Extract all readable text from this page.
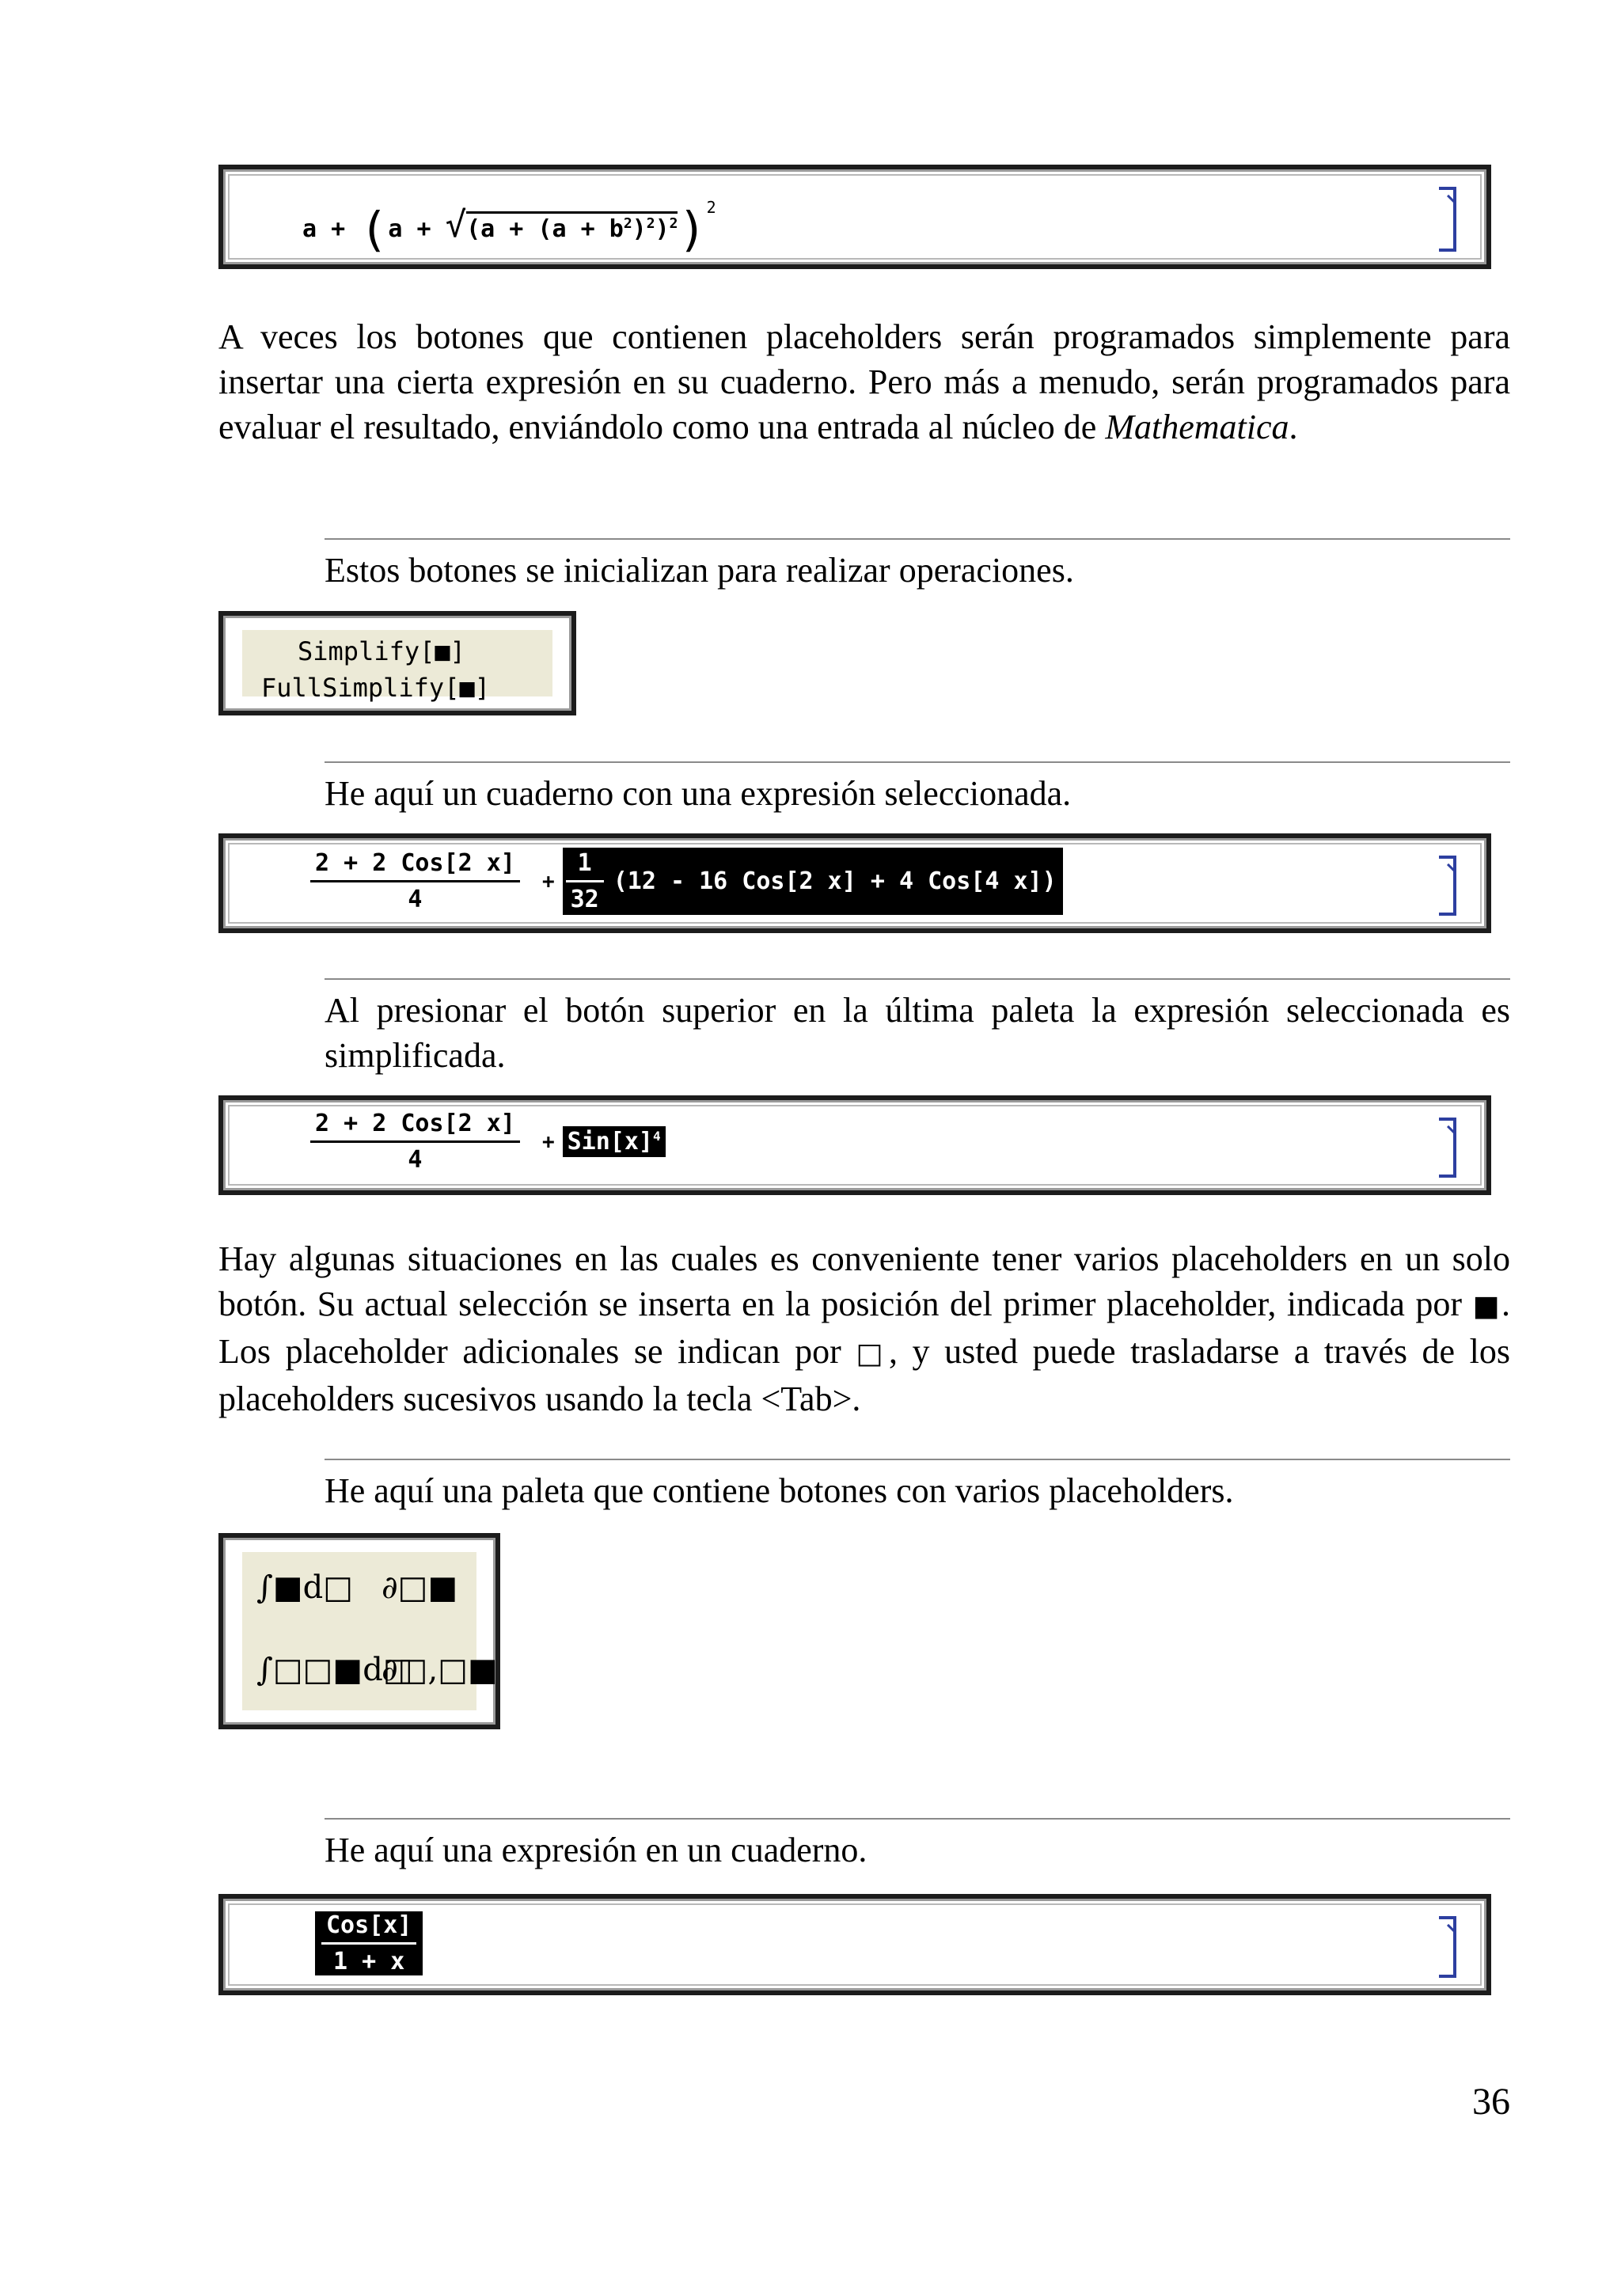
$a + (a + √(a + (a + b^2)^2)^2)^2$
A veces los botones que contienen placeholders serán programados simplemente para insertar una cierta expresión en su cuaderno. Pero más a menudo, serán programados para evaluar el resultado, enviándolo como una entrada al núcleo de Mathematica.
Estos botones se inicializan para realizar operaciones.
Simplify[■]
FullSimplify[■]
He aquí un cuaderno con una expresión seleccionada.
$\frac{\text{2 + 2 Cos[2 x]}}{4} + \frac{1}{32} (12 - 16$ Cos[2 x] + 4 Cos[4 x])
Al presionar el botón superior en la última paleta la expresión seleccionada es simplificada.
$\frac{\text{2 + 2 Cos[2 x]}}{4} + Sin[x]^4$
Hay algunas situaciones en las cuales es conveniente tener varios placeholders en un solo botón. Su actual selección se inserta en la posición del primer placeholder, indicada por ■. Los placeholder adicionales se indican por □, y usted puede trasladarse a través de los placeholders sucesivos usando la tecla <Tab>.
He aquí una paleta que contiene botones con varios placeholders.
∫■d□ ∂□■
∫□□■d□
∂□,□■
He aquí una expresión en un cuaderno.
$\frac{\text{Cos[x]}}{1 + x}$
36
